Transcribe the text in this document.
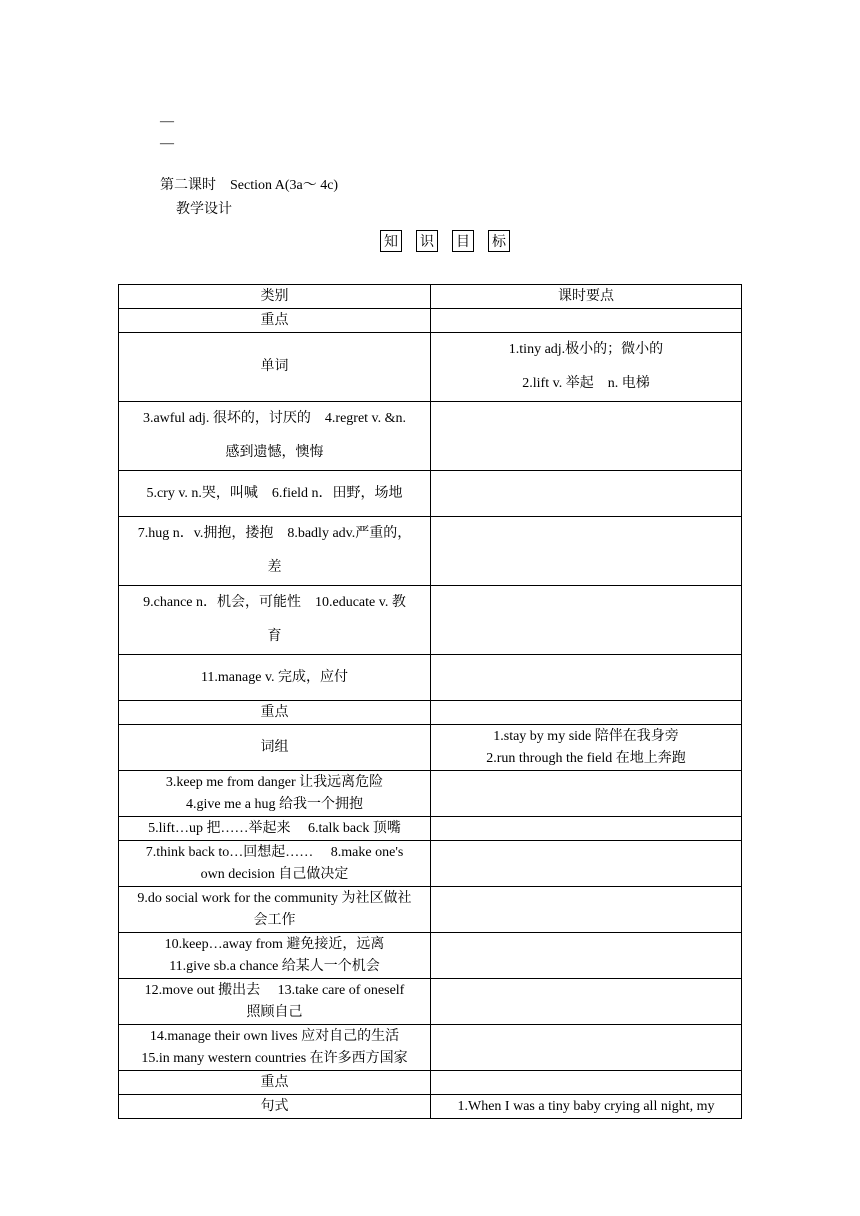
—
—
第二课时 Section A(3a～ 4c)
教学设计
知 识 目 标
类别	课时要点

重点	

单词	1.tiny adj.极小的；微小的
2.lift v. 举起　n. 电梯

3.awful adj. 很坏的，讨厌的　4.regret v. &n.
感到遗憾，懊悔	

5.cry v. n.哭，叫喊　6.field n．田野，场地	

7.hug n．v.拥抱，搂抱　8.badly adv.严重的，
差	

9.chance n．机会，可能性　10.educate v. 教
育	

11.manage v. 完成，应付	

重点	

词组	1.stay by my side 陪伴在我身旁
2.run through the field 在地上奔跑

3.keep me from danger 让我远离危险
4.give me a hug 给我一个拥抱	

5.lift…up 把……举起来　 6.talk back 顶嘴	

7.think back to…回想起……　 8.make one's
own decision 自己做决定	

9.do social work for the community 为社区做社
会工作	

10.keep…away from 避免接近，远离
11.give sb.a chance 给某人一个机会	

12.move out 搬出去　 13.take care of oneself
照顾自己	

14.manage their own lives 应对自己的生活
15.in many western countries 在许多西方国家	

重点	

句式	1.When I was a tiny baby crying all night, my
